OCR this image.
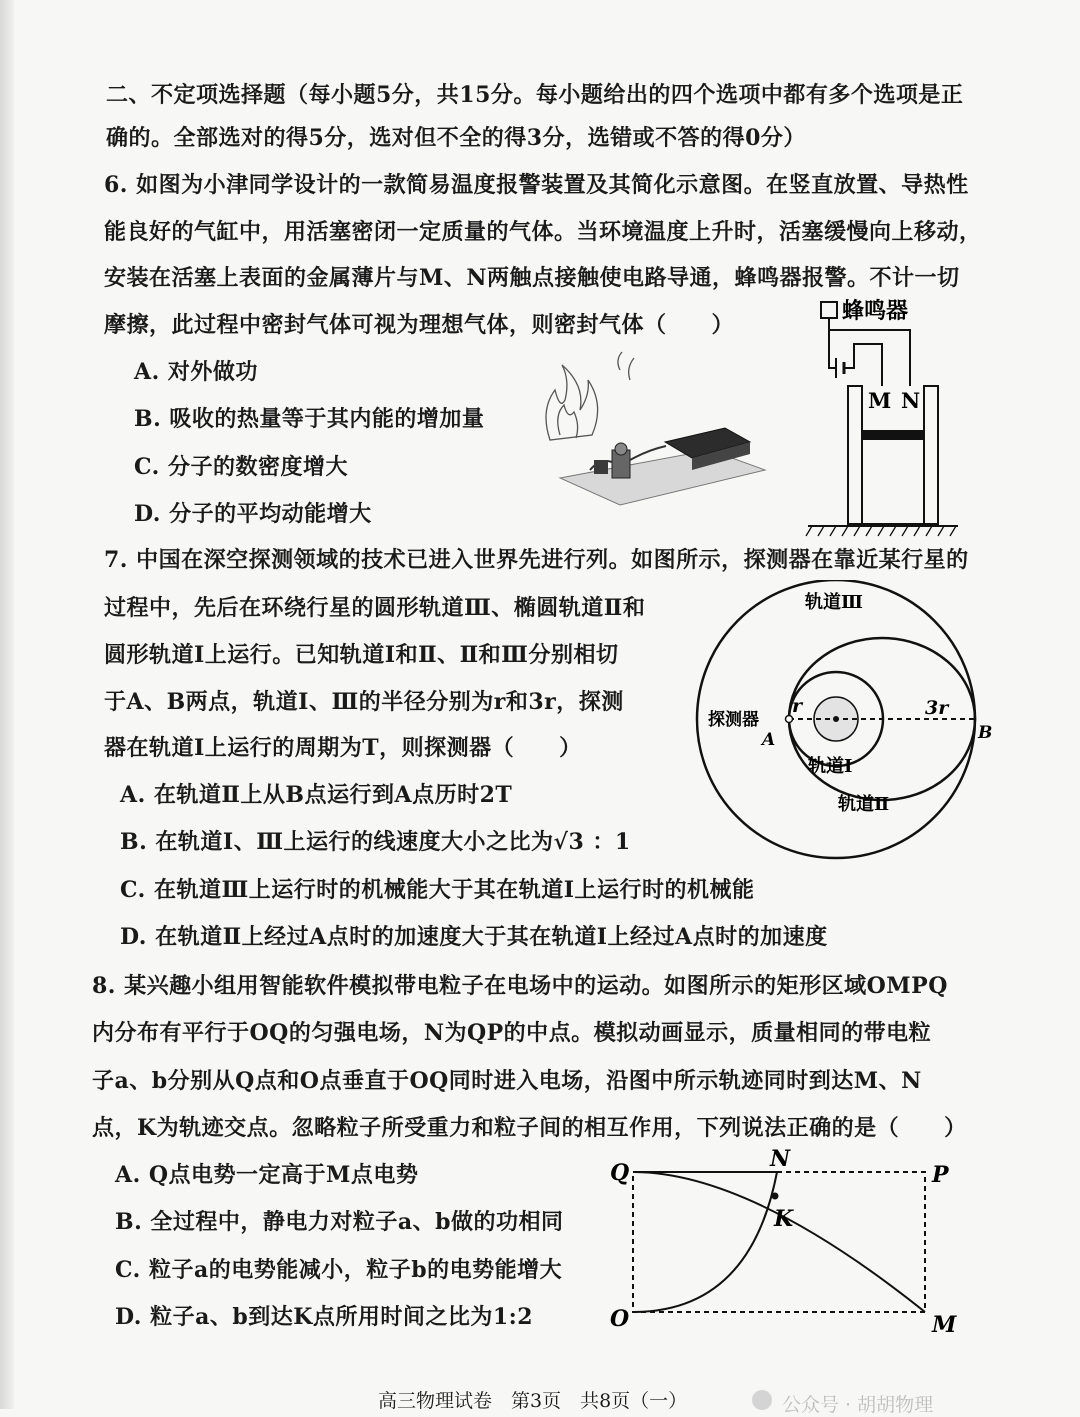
二、不定项选择题（每小题5分，共15分。每小题给出的四个选项中都有多个选项是正
确的。全部选对的得5分，选对但不全的得3分，选错或不答的得0分）
6. 如图为小津同学设计的一款简易温度报警装置及其简化示意图。在竖直放置、导热性
能良好的气缸中，用活塞密闭一定质量的气体。当环境温度上升时，活塞缓慢向上移动，
安装在活塞上表面的金属薄片与M、N两触点接触使电路导通，蜂鸣器报警。不计一切
摩擦，此过程中密封气体可视为理想气体，则密封气体（　　）
A. 对外做功
B. 吸收的热量等于其内能的增加量
C. 分子的数密度增大
D. 分子的平均动能增大
蜂鸣器
M N
7. 中国在深空探测领域的技术已进入世界先进行列。如图所示，探测器在靠近某行星的
过程中，先后在环绕行星的圆形轨道Ⅲ、椭圆轨道Ⅱ和
圆形轨道Ⅰ上运行。已知轨道Ⅰ和Ⅱ、Ⅱ和Ⅲ分别相切
于A、B两点，轨道Ⅰ、Ⅲ的半径分别为r和3r，探测
器在轨道Ⅰ上运行的周期为T，则探测器（　　）
A. 在轨道Ⅱ上从B点运行到A点历时2T
B. 在轨道Ⅰ、Ⅲ上运行的线速度大小之比为√3 ：1
C. 在轨道Ⅲ上运行时的机械能大于其在轨道Ⅰ上运行时的机械能
D. 在轨道Ⅱ上经过A点时的加速度大于其在轨道Ⅰ上经过A点时的加速度
轨道Ⅲ
轨道Ⅱ
轨道Ⅰ
探测器
A	B
r	3r
8. 某兴趣小组用智能软件模拟带电粒子在电场中的运动。如图所示的矩形区域OMPQ
内分布有平行于OQ的匀强电场，N为QP的中点。模拟动画显示，质量相同的带电粒
子a、b分别从Q点和O点垂直于OQ同时进入电场，沿图中所示轨迹同时到达M、N
点，K为轨迹交点。忽略粒子所受重力和粒子间的相互作用，下列说法正确的是（　　）
A. Q点电势一定高于M点电势
B. 全过程中，静电力对粒子a、b做的功相同
C. 粒子a的电势能减小，粒子b的电势能增大
D. 粒子a、b到达K点所用时间之比为1:2
Q
N
P
K
O	M
高三物理试卷　第3页　共8页（一）	公众号 · 胡胡物理
